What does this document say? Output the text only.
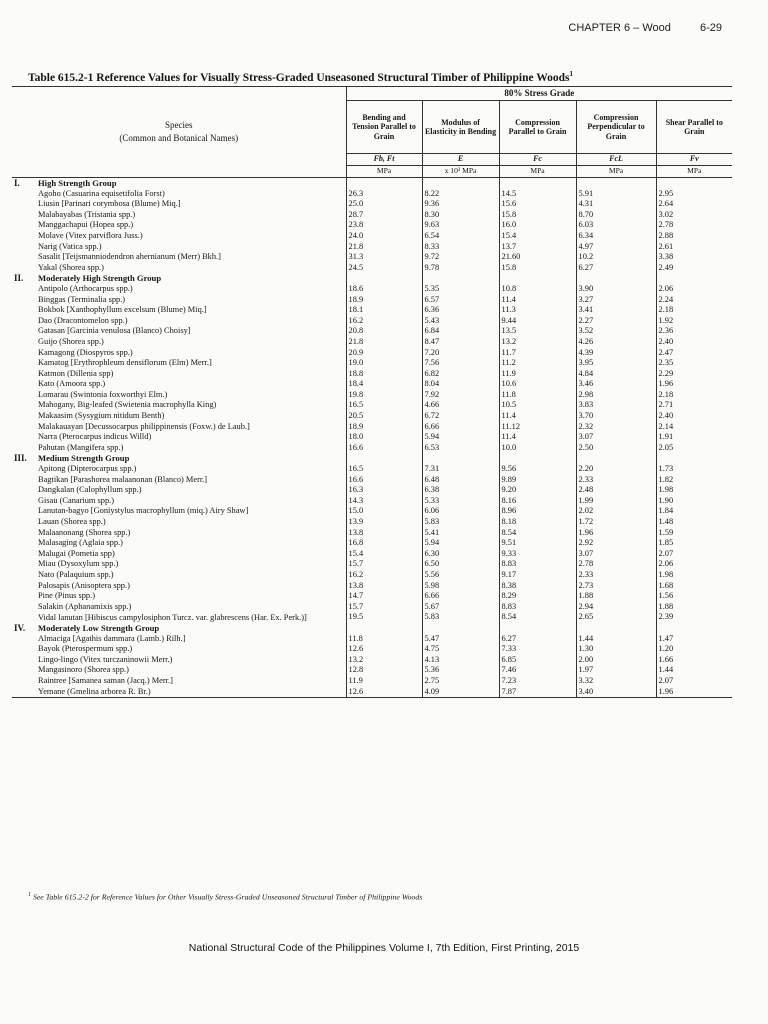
CHAPTER 6 – Wood	6-29
Table 615.2-1 Reference Values for Visually Stress-Graded Unseasoned Structural Timber of Philippine Woods$^1$
Species
(Common and Botanical Names)		80% Stress Grade				
		Bending and Tension Parallel to Grain	Modulus of Elasticity in Bending	Compression Parallel to Grain	Compression Perpendicular to Grain	Shear Parallel to Grain
		Fb, Ft	E	Fc	FcL	Fv
		MPa	x 10³ MPa	MPa	MPa	MPa
I.	High Strength Group					
	Agoho (Casuarina equisetifolia Forst)	26.3	8.22	14.5	5.91	2.95
	Liusin [Parinari corymbosa (Blume) Miq.]	25.0	9.36	15.6	4.31	2.64
	Malabayabas (Tristania spp.)	28.7	8.30	15.8	8.70	3.02
	Manggachapui (Hopea spp.)	23.8	9.63	16.0	6.03	2.78
	Molave (Vitex parviflora Juss.)	24.0	6.54	15.4	6.34	2.88
	Narig (Vatica spp.)	21.8	8.33	13.7	4.97	2.61
	Sasalit [Teijsmanniodendron ahernianum (Merr) Bkh.]	31.3	9.72	21.60	10.2	3.38
	Yakal (Shorea spp.)	24.5	9.78	15.8	6.27	2.49
II.	Moderately High Strength Group					
	Antipolo (Arthocarpus spp.)	18.6	5.35	10.8	3.90	2.06
	Binggas (Terminalia spp.)	18.9	6.57	11.4	3.27	2.24
	Bokbok [Xanthophyllum excelsum (Blume) Miq.]	18.1	6.36	11.3	3.41	2.18
	Dao (Dracontomelon spp.)	16.2	5.43	9.44	2.27	1.92
	Gatasan [Garcinia venulosa (Blanco) Choisy]	20.8	6.84	13.5	3.52	2.36
	Guijo (Shorea spp.)	21.8	8.47	13.2	4.26	2.40
	Kamagong (Diospyros spp.)	20.9	7.20	11.7	4.39	2.47
	Kamatog [Erythrophleum densiflorum (Elm) Merr.]	19.0	7.56	11.2	3.95	2.35
	Katmon (Dillenia spp)	18.8	6.82	11.9	4.84	2.29
	Kato (Amoora spp.)	18.4	8.04	10.6	3.46	1.96
	Lomarau (Swintonia foxworthyi Elm.)	19.8	7.92	11.8	2.98	2.18
	Mahogany, Big-leafed (Swietenia macrophylla King)	16.5	4.66	10.5	3.83	2.71
	Makaasim (Sysygium nitidum Benth)	20.5	6.72	11.4	3.70	2.40
	Malakauayan [Decussocarpus philippinensis (Foxw.) de Laub.]	18.9	6.66	11.12	2.32	2.14
	Narra (Pterocarpus indicus Willd)	18.0	5.94	11.4	3.07	1.91
	Pahutan (Mangifera spp.)	16.6	6.53	10.0	2.50	2.05
III.	Medium Strength Group					
	Apitong (Dipterocarpus spp.)	16.5	7.31	9.56	2.20	1.73
	Bagtikan [Parashorea malaanonan (Blanco) Merr.]	16.6	6.48	9.89	2.33	1.82
	Dangkalan (Calophyllum spp.)	16.3	6.38	9.20	2.48	1.98
	Gisau (Canarium spp.)	14.3	5.33	8.16	1.99	1.90
	Lanutan-bagyo [Goniystylus macrophyllum (miq.) Airy Shaw]	15.0	6.06	8.96	2.02	1.84
	Lauan (Shorea spp.)	13.9	5.83	8.18	1.72	1.48
	Malaanonang (Shorea spp.)	13.8	5.41	8.54	1.96	1.59
	Malasaging (Aglaia spp.)	16.8	5.94	9.51	2.92	1.85
	Malugai (Pometia spp)	15.4	6.30	9.33	3.07	2.07
	Miau (Dysoxylum spp.)	15.7	6.50	8.83	2.78	2.06
	Nato (Palaquium spp.)	16.2	5.56	9.17	2.33	1.98
	Palosapis (Anisoptera spp.)	13.8	5.98	8.38	2.73	1.68
	Pine (Pinus spp.)	14.7	6.66	8.29	1.88	1.56
	Salakin (Aphanamixis spp.)	15.7	5.67	8.83	2.94	1.88
	Vidal lanutan [Hibiscus campylosiphon Turcz. var. glabrescens (Har. Ex. Perk.)]	19.5	5.83	8.54	2.65	2.39
IV.	Moderately Low Strength Group					
	Almaciga [Agathis dammara (Lamb.) Rilh.]	11.8	5.47	6.27	1.44	1.47
	Bayok (Pterospermum spp.)	12.6	4.75	7.33	1.30	1.20
	Lingo-lingo (Vitex turczaninowii Merr.)	13.2	4.13	6.85	2.00	1.66
	Mangasinoro (Shorea spp.)	12.8	5.36	7.46	1.97	1.44
	Raintree [Samanea saman (Jacq.) Merr.]	11.9	2.75	7.23	3.32	2.07
	Yemane (Gmelina arborea R. Br.)	12.6	4.09	7.87	3.40	1.96
$^1$ See Table 615.2-2 for Reference Values for Other Visually Stress-Graded Unseasoned Structural Timber of Philippine Woods
National Structural Code of the Philippines Volume I, 7th Edition, First Printing, 2015
